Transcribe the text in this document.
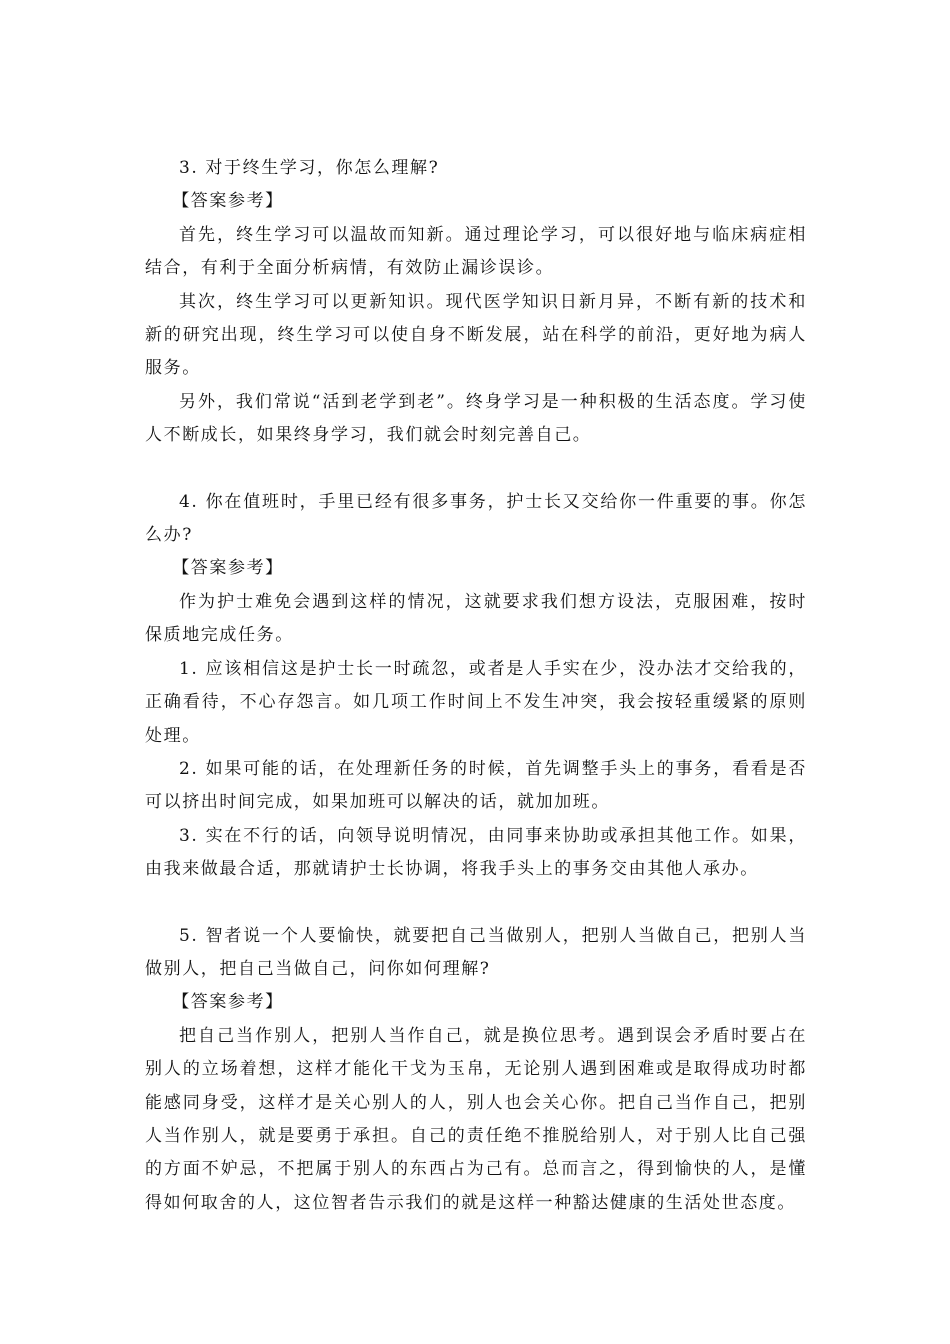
3. 对于终生学习，你怎么理解?

【答案参考】

首先，终生学习可以温故而知新。通过理论学习，可以很好地与临床病症相结合，有利于全面分析病情，有效防止漏诊误诊。

其次，终生学习可以更新知识。现代医学知识日新月异，不断有新的技术和新的研究出现，终生学习可以使自身不断发展，站在科学的前沿，更好地为病人服务。

另外，我们常说“活到老学到老”。终身学习是一种积极的生活态度。学习使人不断成长，如果终身学习，我们就会时刻完善自己。

4. 你在值班时，手里已经有很多事务，护士长又交给你一件重要的事。你怎么办?

【答案参考】

作为护士难免会遇到这样的情况，这就要求我们想方设法，克服困难，按时保质地完成任务。

1. 应该相信这是护士长一时疏忽，或者是人手实在少，没办法才交给我的，正确看待，不心存怨言。如几项工作时间上不发生冲突，我会按轻重缓紧的原则处理。

2. 如果可能的话，在处理新任务的时候，首先调整手头上的事务，看看是否可以挤出时间完成，如果加班可以解决的话，就加加班。

3. 实在不行的话，向领导说明情况，由同事来协助或承担其他工作。如果，由我来做最合适，那就请护士长协调，将我手头上的事务交由其他人承办。

5. 智者说一个人要愉快，就要把自己当做别人，把别人当做自己，把别人当做别人，把自己当做自己，问你如何理解?

【答案参考】

把自己当作别人，把别人当作自己，就是换位思考。遇到误会矛盾时要占在别人的立场着想，这样才能化干戈为玉帛，无论别人遇到困难或是取得成功时都能感同身受，这样才是关心别人的人，别人也会关心你。把自己当作自己，把别人当作别人，就是要勇于承担。自己的责任绝不推脱给别人，对于别人比自己强的方面不妒忌，不把属于别人的东西占为己有。总而言之，得到愉快的人，是懂得如何取舍的人，这位智者告示我们的就是这样一种豁达健康的生活处世态度。
